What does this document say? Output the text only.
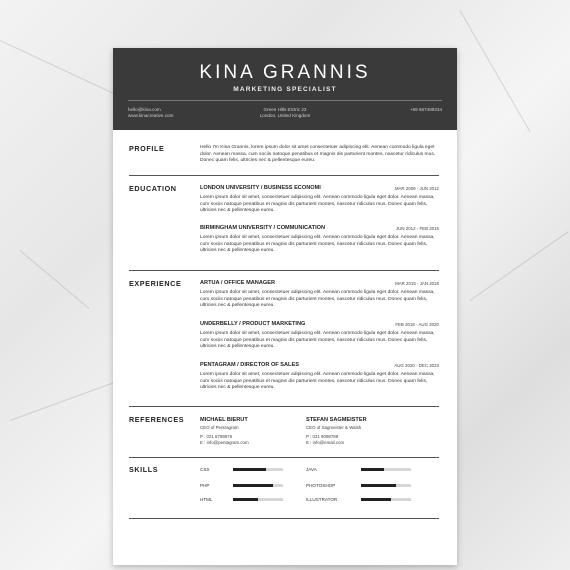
KINA GRANNIS
MARKETING SPECIALIST
hello@kina.com
www.kinacreative.com
Green Hills Elctric 23
London, United Kingdom
+69 657489234
PROFILE	Hello I'm Kina Grannis, lorem ipsum dolor sit amet consectetuer adipiscing elit. Aenean commodo ligula eget dolor. Aenean massa, cum sociis natoque penatibus et magnis dis parturient montes, nascetur ridiculus mus. Donec quam felis, ultricies nec & pellentesque eureu.
EDUCATION	LONDON UNIVERSITY / BUSINESS ECONOMI	MAR 2009 - JUN 2012
Lorem ipsum dolor sit amet, consectetuer adipiscing elit. Aenean commodo ligula eget dolor. Aenean massa, cum sociis natoque penatibus et magnis dis parturient montes, nascetur ridiculus mus. Donec quam felis, ultricies nec & pellentesque eureu.
BIRMINGHAM UNIVERSITY / COMMUNICATION	JUN 2012 - FEB 2015
Lorem ipsum dolor sit amet, consectetuer adipiscing elit. Aenean commodo ligula eget dolor. Aenean massa, cum sociis natoque penatibus et magnis dis parturient montes, nascetur ridiculus mus. Donec quam felis, ultricies nec & pellentesque eureu.
EXPERIENCE	ARTUA / OFFICE MANAGER	MAR 2015 - JAN 2018
Lorem ipsum dolor sit amet, consectetuer adipiscing elit. Aenean commodo ligula eget dolor. Aenean massa, cum sociis natoque penatibus et magnis dis parturient montes, nascetur ridiculus mus. Donec quam felis, ultricies nec & pellentesque eureu.
UNDERBELLY / PRODUCT MARKETING	FEB 2018 - AUG 2020
Lorem ipsum dolor sit amet, consectetuer adipiscing elit. Aenean commodo ligula eget dolor. Aenean massa, cum sociis natoque penatibus et magnis dis parturient montes, nascetur ridiculus mus. Donec quam felis, ultricies nec & pellentesque eureu.
PENTAGRAM / DIRECTOR OF SALES	AUG 2020 - DEC 2023
Lorem ipsum dolor sit amet, consectetuer adipiscing elit. Aenean commodo ligula eget dolor. Aenean massa, cum sociis natoque penatibus et magnis dis parturient montes, nascetur ridiculus mus. Donec quam felis, ultricies nec & pellentesque eureu.
REFERENCES	MICHAEL BIERUT
CEO of Pentragram
P : 021 8789876
E : info@pentagram.com
STEFAN SAGMEISTER
CEO of Sagmeister & Walsh
P : 021 9098789
E : info@email.com
SKILLS	CSS	JAVA
PHP	PHOTOSHOP
HTML	ILLUSTRATOR
